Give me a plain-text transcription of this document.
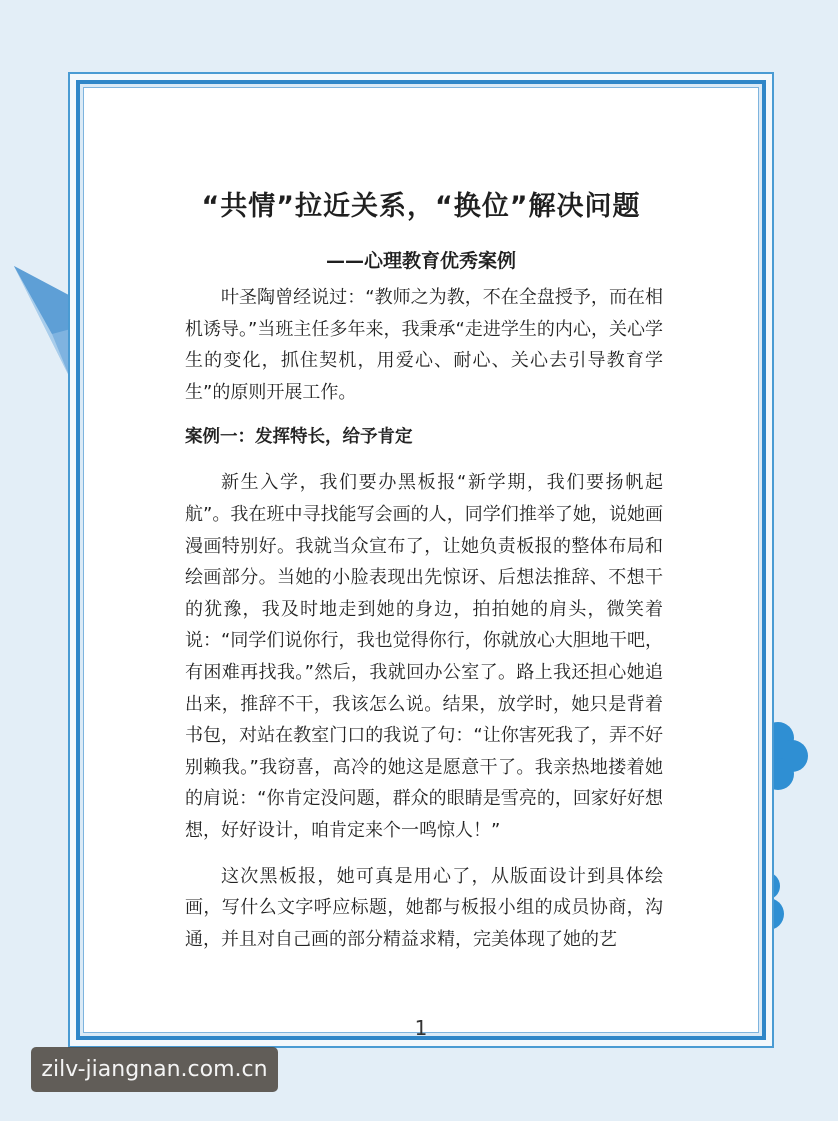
“共情”拉近关系，“换位”解决问题
——心理教育优秀案例

叶圣陶曾经说过：“教师之为教，不在全盘授予，而在相机诱导。”当班主任多年来，我秉承“走进学生的内心，关心学生的变化，抓住契机，用爱心、耐心、关心去引导教育学生”的原则开展工作。

案例一：发挥特长，给予肯定

新生入学，我们要办黑板报“新学期，我们要扬帆起航”。我在班中寻找能写会画的人，同学们推举了她，说她画漫画特别好。我就当众宣布了，让她负责板报的整体布局和绘画部分。当她的小脸表现出先惊讶、后想法推辞、不想干的犹豫，我及时地走到她的身边，拍拍她的肩头，微笑着说：“同学们说你行，我也觉得你行，你就放心大胆地干吧，有困难再找我。”然后，我就回办公室了。路上我还担心她追出来，推辞不干，我该怎么说。结果，放学时，她只是背着书包，对站在教室门口的我说了句：“让你害死我了，弄不好别赖我。”我窃喜，高冷的她这是愿意干了。我亲热地搂着她的肩说：“你肯定没问题，群众的眼睛是雪亮的，回家好好想想，好好设计，咱肯定来个一鸣惊人！”

这次黑板报，她可真是用心了，从版面设计到具体绘画，写什么文字呼应标题，她都与板报小组的成员协商，沟通，并且对自己画的部分精益求精，完美体现了她的艺

1
zilv-jiangnan.com.cn
